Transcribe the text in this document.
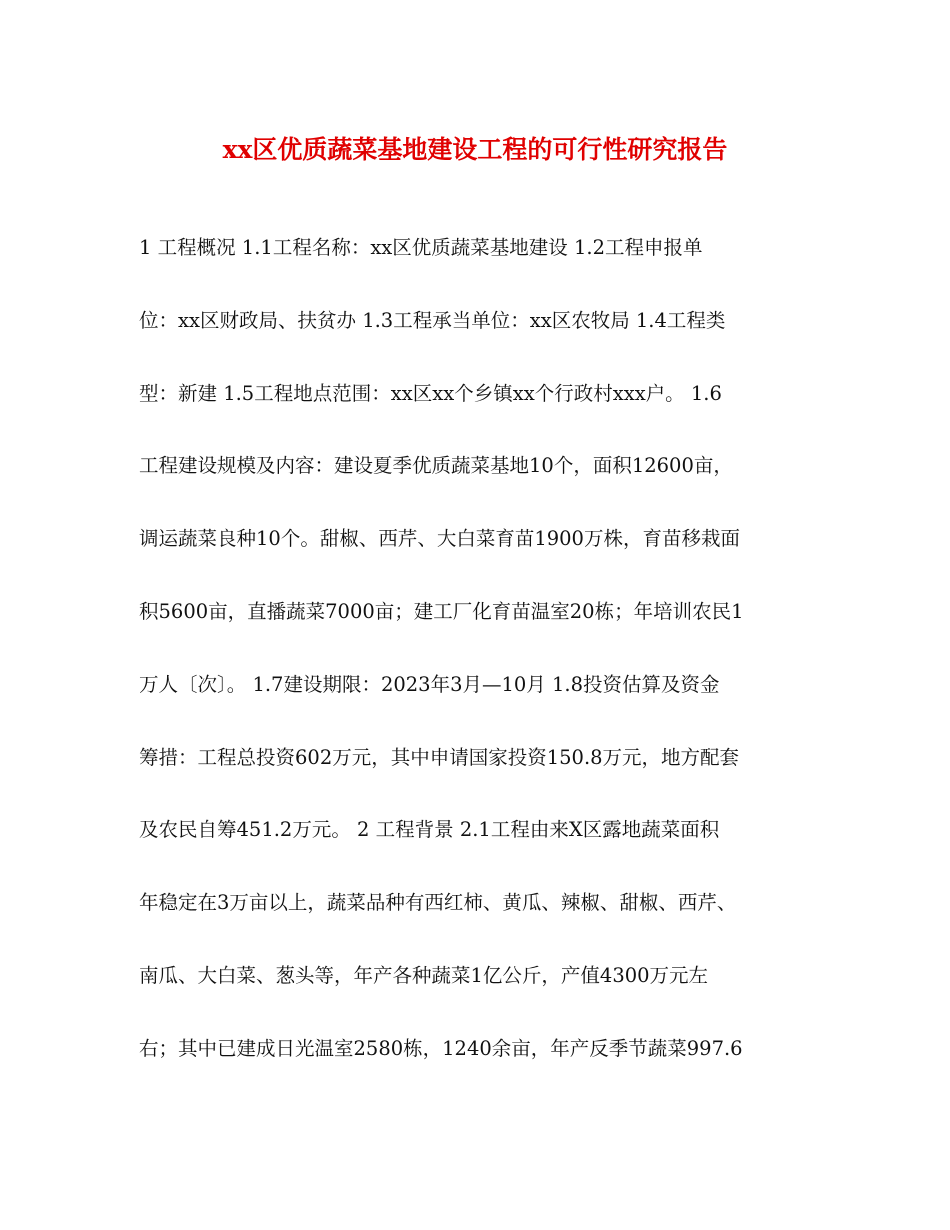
xx区优质蔬菜基地建设工程的可行性研究报告
1 工程概况 1.1工程名称：xx区优质蔬菜基地建设 1.2工程申报单
位：xx区财政局、扶贫办 1.3工程承当单位：xx区农牧局 1.4工程类
型：新建 1.5工程地点范围：xx区xx个乡镇xx个行政村xxx户。 1.6
工程建设规模及内容：建设夏季优质蔬菜基地10个，面积12600亩，
调运蔬菜良种10个。甜椒、西芹、大白菜育苗1900万株，育苗移栽面
积5600亩，直播蔬菜7000亩；建工厂化育苗温室20栋；年培训农民1
万人〔次〕。 1.7建设期限：2023年3月—10月 1.8投资估算及资金
筹措：工程总投资602万元，其中申请国家投资150.8万元，地方配套
及农民自筹451.2万元。 2 工程背景 2.1工程由来X区露地蔬菜面积
年稳定在3万亩以上，蔬菜品种有西红柿、黄瓜、辣椒、甜椒、西芹、
南瓜、大白菜、葱头等，年产各种蔬菜1亿公斤，产值4300万元左
右；其中已建成日光温室2580栋，1240余亩，年产反季节蔬菜997.6
